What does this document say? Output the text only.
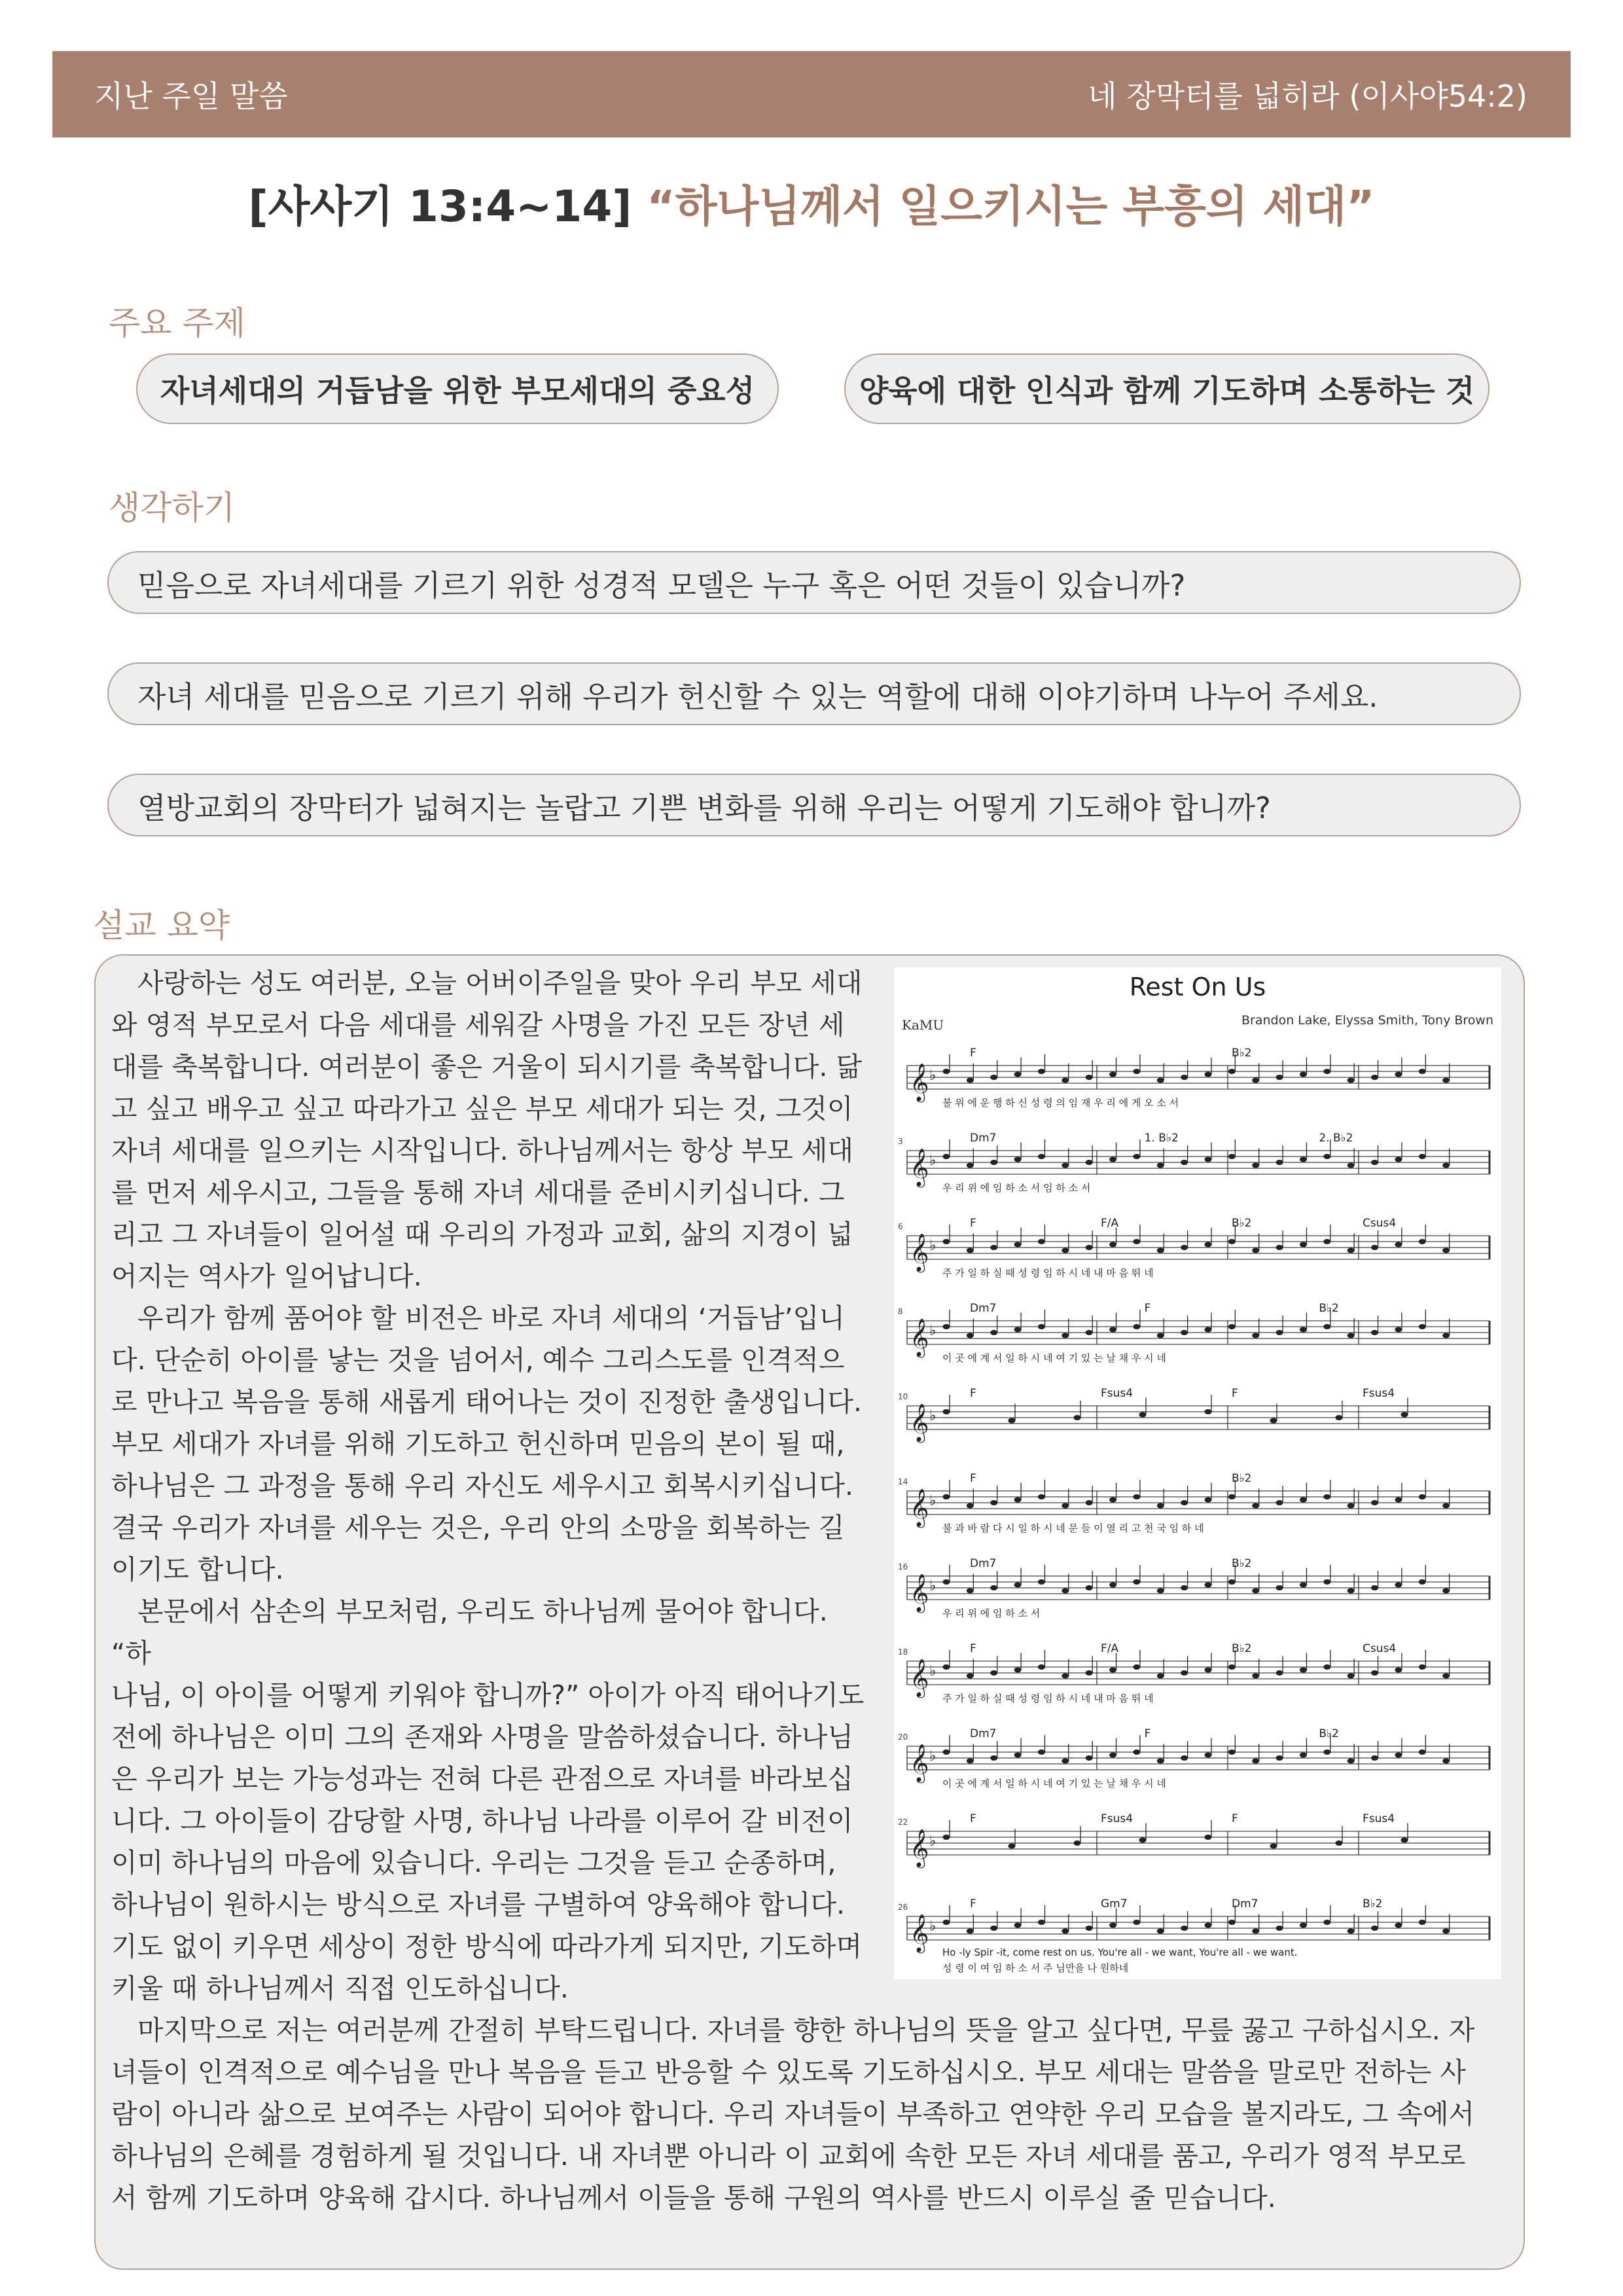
지난 주일 말씀	네 장막터를 넓히라 (이사야54:2)
[사사기 13:4~14] “하나님께서 일으키시는 부흥의 세대”
주요 주제
자녀세대의 거듭남을 위한 부모세대의 중요성	양육에 대한 인식과 함께 기도하며 소통하는 것
생각하기
믿음으로 자녀세대를 기르기 위한 성경적 모델은 누구 혹은 어떤 것들이 있습니까?
자녀 세대를 믿음으로 기르기 위해 우리가 헌신할 수 있는 역할에 대해 이야기하며 나누어 주세요.
열방교회의 장막터가 넓혀지는 놀랍고 기쁜 변화를 위해 우리는 어떻게 기도해야 합니까?
설교 요약

사랑하는 성도 여러분, 오늘 어버이주일을 맞아 우리 부모 세대

와 영적 부모로서 다음 세대를 세워갈 사명을 가진 모든 장년 세
대를 축복합니다. 여러분이 좋은 거울이 되시기를 축복합니다. 닮
고 싶고 배우고 싶고 따라가고 싶은 부모 세대가 되는 것, 그것이
자녀 세대를 일으키는 시작입니다. 하나님께서는 항상 부모 세대
를 먼저 세우시고, 그들을 통해 자녀 세대를 준비시키십니다. 그
리고 그 자녀들이 일어설 때 우리의 가정과 교회, 삶의 지경이 넓
어지는 역사가 일어납니다.

우리가 함께 품어야 할 비전은 바로 자녀 세대의 ‘거듭남’입니

다. 단순히 아이를 낳는 것을 넘어서, 예수 그리스도를 인격적으
로 만나고 복음을 통해 새롭게 태어나는 것이 진정한 출생입니다.
부모 세대가 자녀를 위해 기도하고 헌신하며 믿음의 본이 될 때,
하나님은 그 과정을 통해 우리 자신도 세우시고 회복시키십니다.
결국 우리가 자녀를 세우는 것은, 우리 안의 소망을 회복하는 길
이기도 합니다.

본문에서 삼손의 부모처럼, 우리도 하나님께 물어야 합니다. “하

나님, 이 아이를 어떻게 키워야 합니까?” 아이가 아직 태어나기도
전에 하나님은 이미 그의 존재와 사명을 말씀하셨습니다. 하나님
은 우리가 보는 가능성과는 전혀 다른 관점으로 자녀를 바라보십
니다. 그 아이들이 감당할 사명, 하나님 나라를 이루어 갈 비전이
이미 하나님의 마음에 있습니다. 우리는 그것을 듣고 순종하며,
하나님이 원하시는 방식으로 자녀를 구별하여 양육해야 합니다.
기도 없이 키우면 세상이 정한 방식에 따라가게 되지만, 기도하며
키울 때 하나님께서 직접 인도하십니다.

마지막으로 저는 여러분께 간절히 부탁드립니다. 자녀를 향한 하나님의 뜻을 알고 싶다면, 무릎 꿇고 구하십시오. 자

녀들이 인격적으로 예수님을 만나 복음을 듣고 반응할 수 있도록 기도하십시오. 부모 세대는 말씀을 말로만 전하는 사
람이 아니라 삶으로 보여주는 사람이 되어야 합니다. 우리 자녀들이 부족하고 연약한 우리 모습을 볼지라도, 그 속에서
하나님의 은혜를 경험하게 될 것입니다. 내 자녀뿐 아니라 이 교회에 속한 모든 자녀 세대를 품고, 우리가 영적 부모로
서 함께 기도하며 양육해 갑시다. 하나님께서 이들을 통해 구원의 역사를 반드시 이루실 줄 믿습니다.
Rest On Us
KaMU	Brandon Lake, Elyssa Smith, Tony Brown
𝄞 ♭
F	B♭2
불 위 에 운 행 하 신 성 령 의 임 재 우 리 에 게 오 소 서
𝄞 ♭
3	Dm7	1. B♭2	2. B♭2
우 리 위 에 임 하 소 서 임 하 소 서
𝄞 ♭
6	F	F/A	B♭2	Csus4
주 가 일 하 실 때 성 령 임 하 시 네 내 마 음 뛰 네
𝄞 ♭
8	Dm7	F	B♭2
이 곳 에 계 서 일 하 시 네 여 기 있 는 날 채 우 시 네
𝄞 ♭
10	F	Fsus4	F	Fsus4
𝄞 ♭
14	F	B♭2
불 과 바 람 다 시 일 하 시 네 문 들 이 열 리 고 천 국 임 하 네
𝄞 ♭
16	Dm7	B♭2
우 리 위 에 임 하 소 서
𝄞 ♭
18	F	F/A	B♭2	Csus4
주 가 일 하 실 때 성 령 임 하 시 네 내 마 음 뛰 네
𝄞 ♭
20	Dm7	F	B♭2
이 곳 에 계 서 일 하 시 네 여 기 있 는 날 채 우 시 네
𝄞 ♭
22	F	Fsus4	F	Fsus4
𝄞 ♭
26	F	Gm7	Dm7	B♭2
성 령 이 여 임 하 소 서 주 님만을 나 원하네
Ho -ly Spir -it, come rest on us. You're all - we want, You're all - we want.
